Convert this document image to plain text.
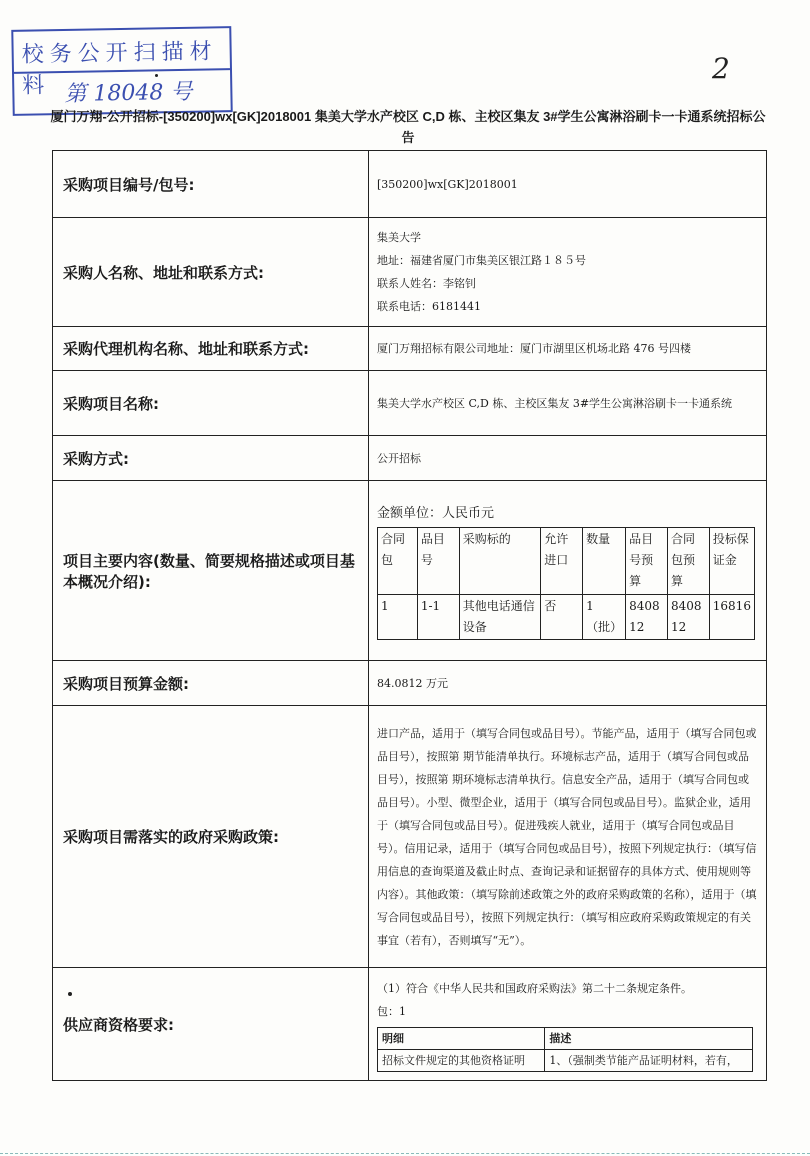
校务公开扫描材料 第 18048 号
2
厦门万翔-公开招标-[350200]wx[GK]2018001 集美大学水产校区 C,D 栋、主校区集友 3#学生公寓淋浴刷卡一卡通系统招标公告
采购项目编号/包号:	[350200]wx[GK]2018001
采购人名称、地址和联系方式:	
集美大学
地址：福建省厦门市集美区银江路１８５号
联系人姓名：李铭钊
联系电话：6181441

采购代理机构名称、地址和联系方式:	厦门万翔招标有限公司地址：厦门市湖里区机场北路 476 号四楼
采购项目名称:	集美大学水产校区 C,D 栋、主校区集友 3#学生公寓淋浴刷卡一卡通系统
采购方式:	公开招标
项目主要内容(数量、简要规格描述或项目基本概况介绍):	
金额单位：人民币元
合同包	品目号	采购标的	允许进口	数量	品目号预算	合同包预算	投标保证金
1	1-1	其他电话通信设备	否	1（批）	840812	840812	16816

采购项目预算金额:	84.0812 万元
采购项目需落实的政府采购政策:	进口产品，适用于（填写合同包或品目号）。节能产品，适用于（填写合同包或品目号），按照第 期节能清单执行。环境标志产品，适用于（填写合同包或品目号），按照第 期环境标志清单执行。信息安全产品，适用于（填写合同包或品目号）。小型、微型企业，适用于（填写合同包或品目号）。监狱企业，适用于（填写合同包或品目号）。促进残疾人就业，适用于（填写合同包或品目号）。信用记录，适用于（填写合同包或品目号），按照下列规定执行：（填写信用信息的查询渠道及截止时点、查询记录和证据留存的具体方式、使用规则等内容）。其他政策：（填写除前述政策之外的政府采购政策的名称），适用于（填写合同包或品目号），按照下列规定执行：（填写相应政府采购政策规定的有关事宜（若有），否则填写“无”）。
供应商资格要求:	
（1）符合《中华人民共和国政府采购法》第二十二条规定条件。
包：1
明细	描述
招标文件规定的其他资格证明	1、（强制类节能产品证明材料，若有，
